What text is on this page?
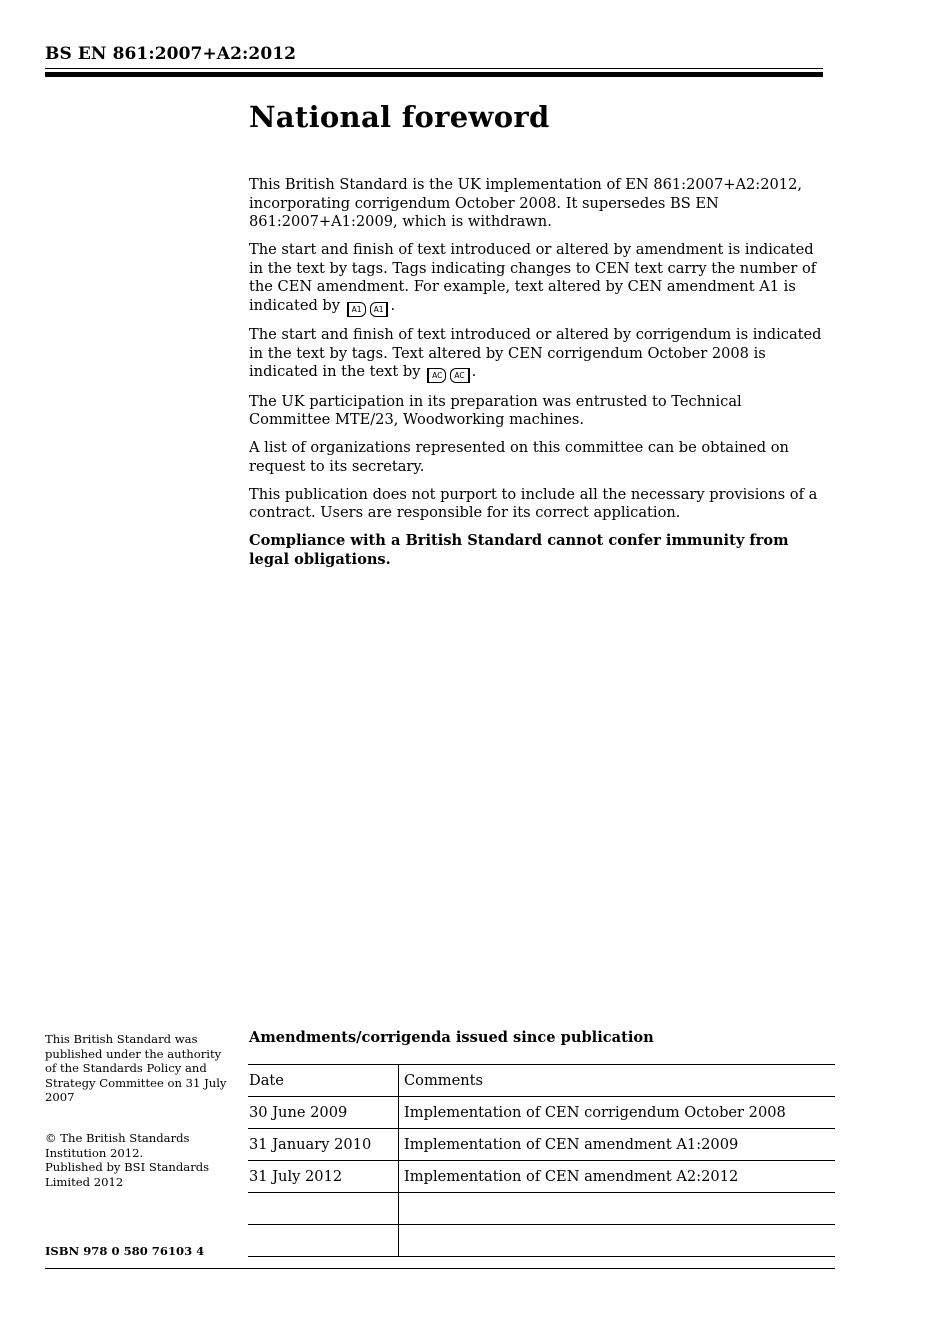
BS EN 861:2007+A2:2012
National foreword

This British Standard is the UK implementation of EN 861:2007+A2:2012, incorporating corrigendum October 2008. It supersedes BS EN 861:2007+A1:2009, which is withdrawn.

The start and finish of text introduced or altered by amendment is indicated in the text by tags. Tags indicating changes to CEN text carry the number of the CEN amendment. For example, text altered by CEN amendment A1 is indicated by A1 A1 .

The start and finish of text introduced or altered by corrigendum is indicated in the text by tags. Text altered by CEN corrigendum October 2008 is indicated in the text by AC AC .

The UK participation in its preparation was entrusted to Technical Committee MTE/23, Woodworking machines.

A list of organizations represented on this committee can be obtained on request to its secretary.

This publication does not purport to include all the necessary provisions of a contract. Users are responsible for its correct application.

Compliance with a British Standard cannot confer immunity from legal obligations.

This British Standard was published under the authority of the Standards Policy and Strategy Committee on 31 July 2007
© The British Standards Institution 2012.
Published by BSI Standards Limited 2012
ISBN 978 0 580 76103 4
Amendments/corrigenda issued since publication
Date	Comments
30 June 2009	Implementation of CEN corrigendum October 2008
31 January 2010	Implementation of CEN amendment A1:2009
31 July 2012	Implementation of CEN amendment A2:2012
